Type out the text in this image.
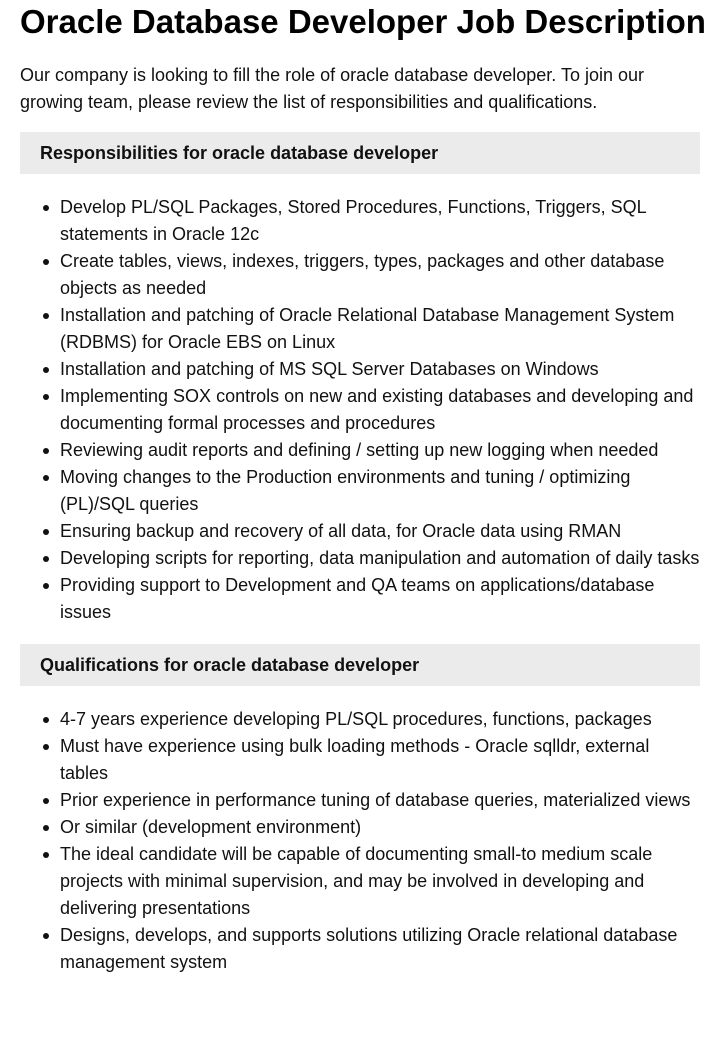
Oracle Database Developer Job Description

Our company is looking to fill the role of oracle database developer. To join our growing team, please review the list of responsibilities and qualifications.

Responsibilities for oracle database developer
Develop PL/SQL Packages, Stored Procedures, Functions, Triggers, SQL statements in Oracle 12c
Create tables, views, indexes, triggers, types, packages and other database objects as needed
Installation and patching of Oracle Relational Database Management System (RDBMS) for Oracle EBS on Linux
Installation and patching of MS SQL Server Databases on Windows
Implementing SOX controls on new and existing databases and developing and documenting formal processes and procedures
Reviewing audit reports and defining / setting up new logging when needed
Moving changes to the Production environments and tuning / optimizing (PL)/SQL queries
Ensuring backup and recovery of all data, for Oracle data using RMAN
Developing scripts for reporting, data manipulation and automation of daily tasks
Providing support to Development and QA teams on applications/database issues
Qualifications for oracle database developer
4-7 years experience developing PL/SQL procedures, functions, packages
Must have experience using bulk loading methods - Oracle sqlldr, external tables
Prior experience in performance tuning of database queries, materialized views
Or similar (development environment)
The ideal candidate will be capable of documenting small-to medium scale projects with minimal supervision, and may be involved in developing and delivering presentations
Designs, develops, and supports solutions utilizing Oracle relational database management system
